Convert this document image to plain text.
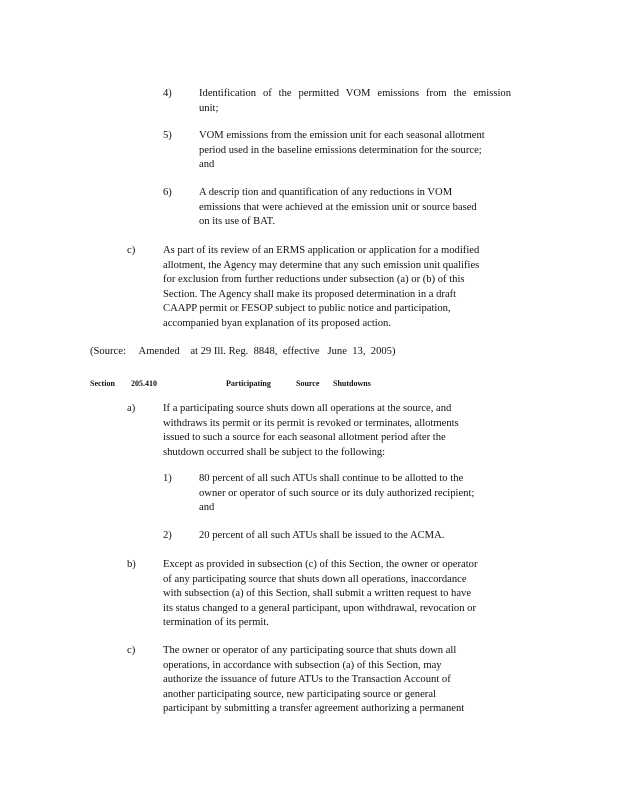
4)	Identification of the permitted VOM emissions from the emission
unit;
5)	VOM emissions from the emission unit for each seasonal allotment
period used in the baseline emissions determination for the source;
and
6)	A descrip tion and quantification of any reductions in VOM
emissions that were achieved at the emission unit or source based
on its use of BAT.
c)	As part of its review of an ERMS application or application for a modified
allotment, the Agency may determine that any such emission unit qualifies
for exclusion from further reductions under subsection (a) or (b) of this
Section. The Agency shall make its proposed determination in a draft
CAAPP permit or FESOP subject to public notice and participation,
accompanied byan explanation of its proposed action.
(Source:     Amended    at 29 Ill. Reg.  8848,  effective   June  13,  2005)
Section 205.410	Participating	Source Shutdowns
a)	If a participating source shuts down all operations at the source, and
withdraws its permit or its permit is revoked or terminates, allotments
issued to such a source for each seasonal allotment period after the
shutdown occurred shall be subject to the following:
1)	80 percent of all such ATUs shall continue to be allotted to the
owner or operator of such source or its duly authorized recipient;
and
2)	20 percent of all such ATUs shall be issued to the ACMA.
b)	Except as provided in subsection (c) of this Section, the owner or operator
of any participating source that shuts down all operations, inaccordance
with subsection (a) of this Section, shall submit a written request to have
its status changed to a general participant, upon withdrawal, revocation or
termination of its permit.
c)	The owner or operator of any participating source that shuts down all
operations, in accordance with subsection (a) of this Section, may
authorize the issuance of future ATUs to the Transaction Account of
another participating source, new participating source or general
participant by submitting a transfer agreement authorizing a permanent
